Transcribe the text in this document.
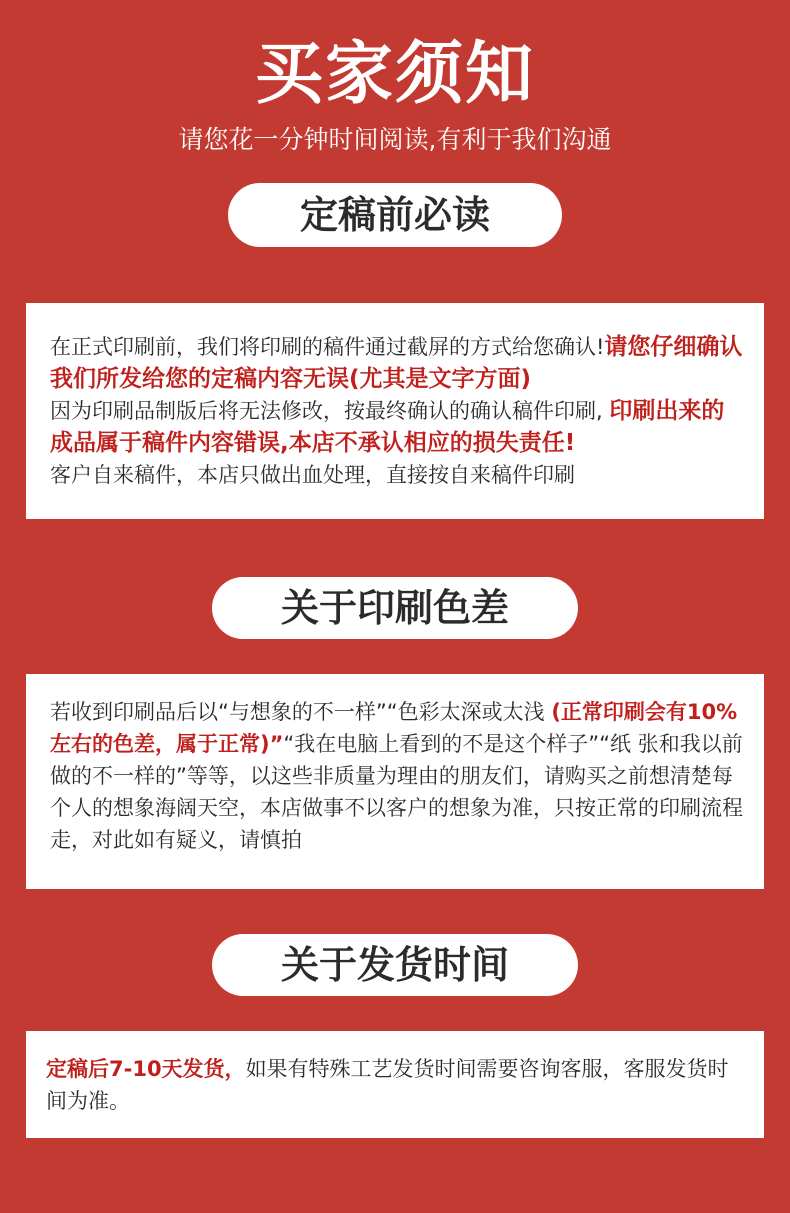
买家须知
请您花一分钟时间阅读,有利于我们沟通
定稿前必读
在正式印刷前，我们将印刷的稿件通过截屏的方式给您确认!请您仔细确认我们所发给您的定稿内容无误(尤其是文字方面)
因为印刷品制版后将无法修改，按最终确认的确认稿件印刷, 印刷出来的成品属于稿件内容错误,本店不承认相应的损失责任!
客户自来稿件，本店只做出血处理，直接按自来稿件印刷
关于印刷色差
若收到印刷品后以“与想象的不一样”“色彩太深或太浅 (正常印刷会有10%左右的色差，属于正常)”“我在电脑上看到的不是这个样子”“纸 张和我以前做的不一样的”等等，以这些非质量为理由的朋友们，请购买之前想清楚每个人的想象海阔天空，本店做事不以客户的想象为准，只按正常的印刷流程走，对此如有疑义，请慎拍
关于发货时间
定稿后7-10天发货，如果有特殊工艺发货时间需要咨询客服，客服发货时间为准。
